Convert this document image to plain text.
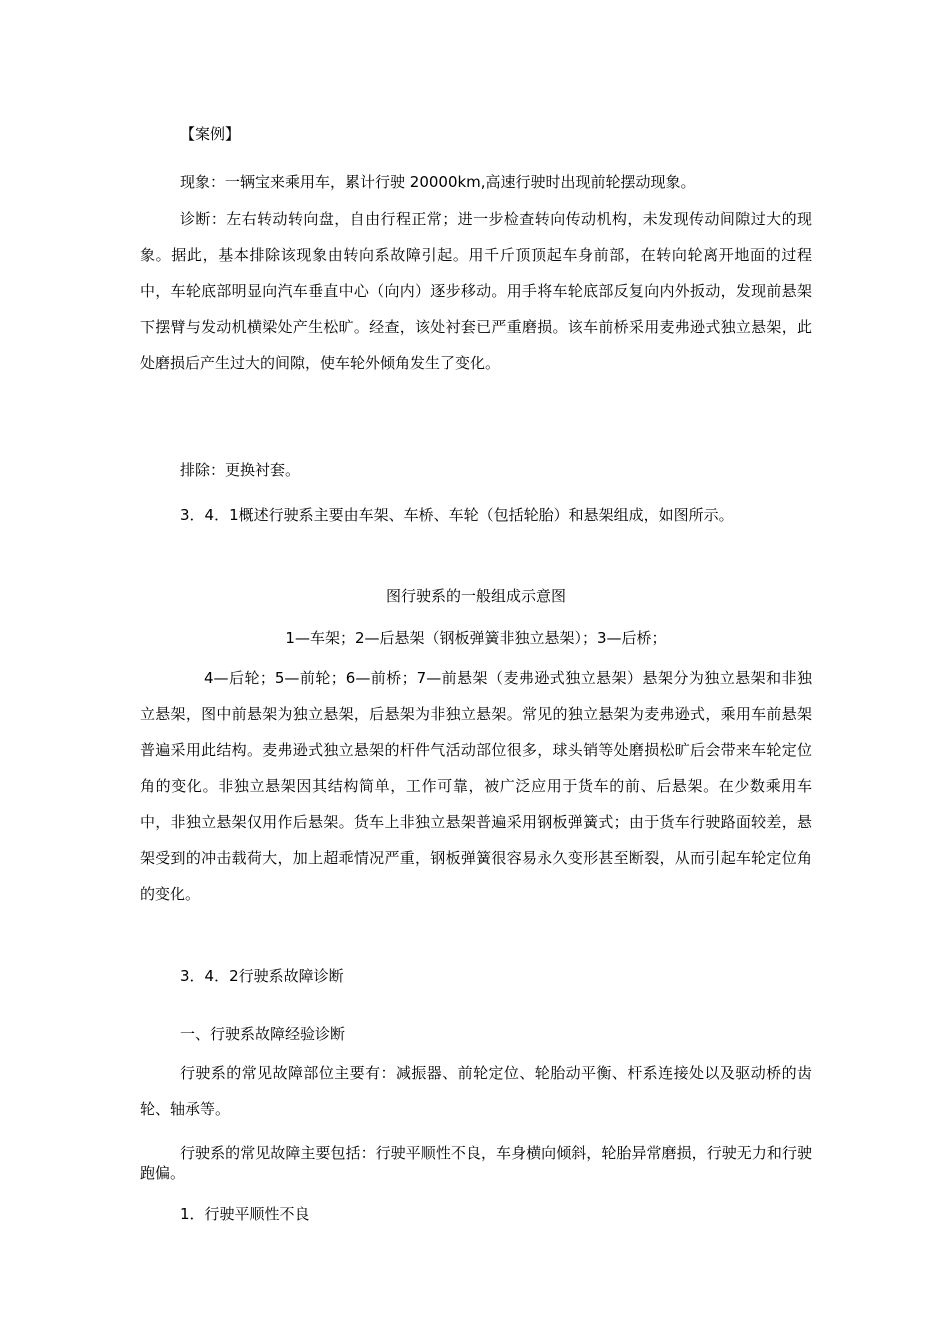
【案例】

现象：一辆宝来乘用车，累计行驶 20000km,高速行驶时出现前轮摆动现象。

诊断：左右转动转向盘，自由行程正常；进一步检查转向传动机构，未发现传动间隙过大的现象。据此，基本排除该现象由转向系故障引起。用千斤顶顶起车身前部，在转向轮离开地面的过程中，车轮底部明显向汽车垂直中心（向内）逐步移动。用手将车轮底部反复向内外扳动，发现前悬架下摆臂与发动机横梁处产生松旷。经查，该处衬套已严重磨损。该车前桥采用麦弗逊式独立悬架，此处磨损后产生过大的间隙，使车轮外倾角发生了变化。

排除：更换衬套。

3．4．1概述行驶系主要由车架、车桥、车轮（包括轮胎）和悬架组成，如图所示。

图行驶系的一般组成示意图

1—车架；2—后悬架（钢板弹簧非独立悬架）；3—后桥；

4—后轮；5—前轮；6—前桥；7—前悬架（麦弗逊式独立悬架）悬架分为独立悬架和非独立悬架，图中前悬架为独立悬架，后悬架为非独立悬架。常见的独立悬架为麦弗逊式，乘用车前悬架普遍采用此结构。麦弗逊式独立悬架的杆件气活动部位很多，球头销等处磨损松旷后会带来车轮定位角的变化。非独立悬架因其结构简单，工作可靠，被广泛应用于货车的前、后悬架。在少数乘用车中，非独立悬架仅用作后悬架。货车上非独立悬架普遍采用钢板弹簧式；由于货车行驶路面较差，悬架受到的冲击载荷大，加上超乖情况严重，钢板弹簧很容易永久变形甚至断裂，从而引起车轮定位角的变化。

3．4．2行驶系故障诊断

一、行驶系故障经验诊断

行驶系的常见故障部位主要有：减振器、前轮定位、轮胎动平衡、杆系连接处以及驱动桥的齿轮、轴承等。

行驶系的常见故障主要包括：行驶平顺性不良，车身横向倾斜，轮胎异常磨损，行驶无力和行驶跑偏。

1．行驶平顺性不良
